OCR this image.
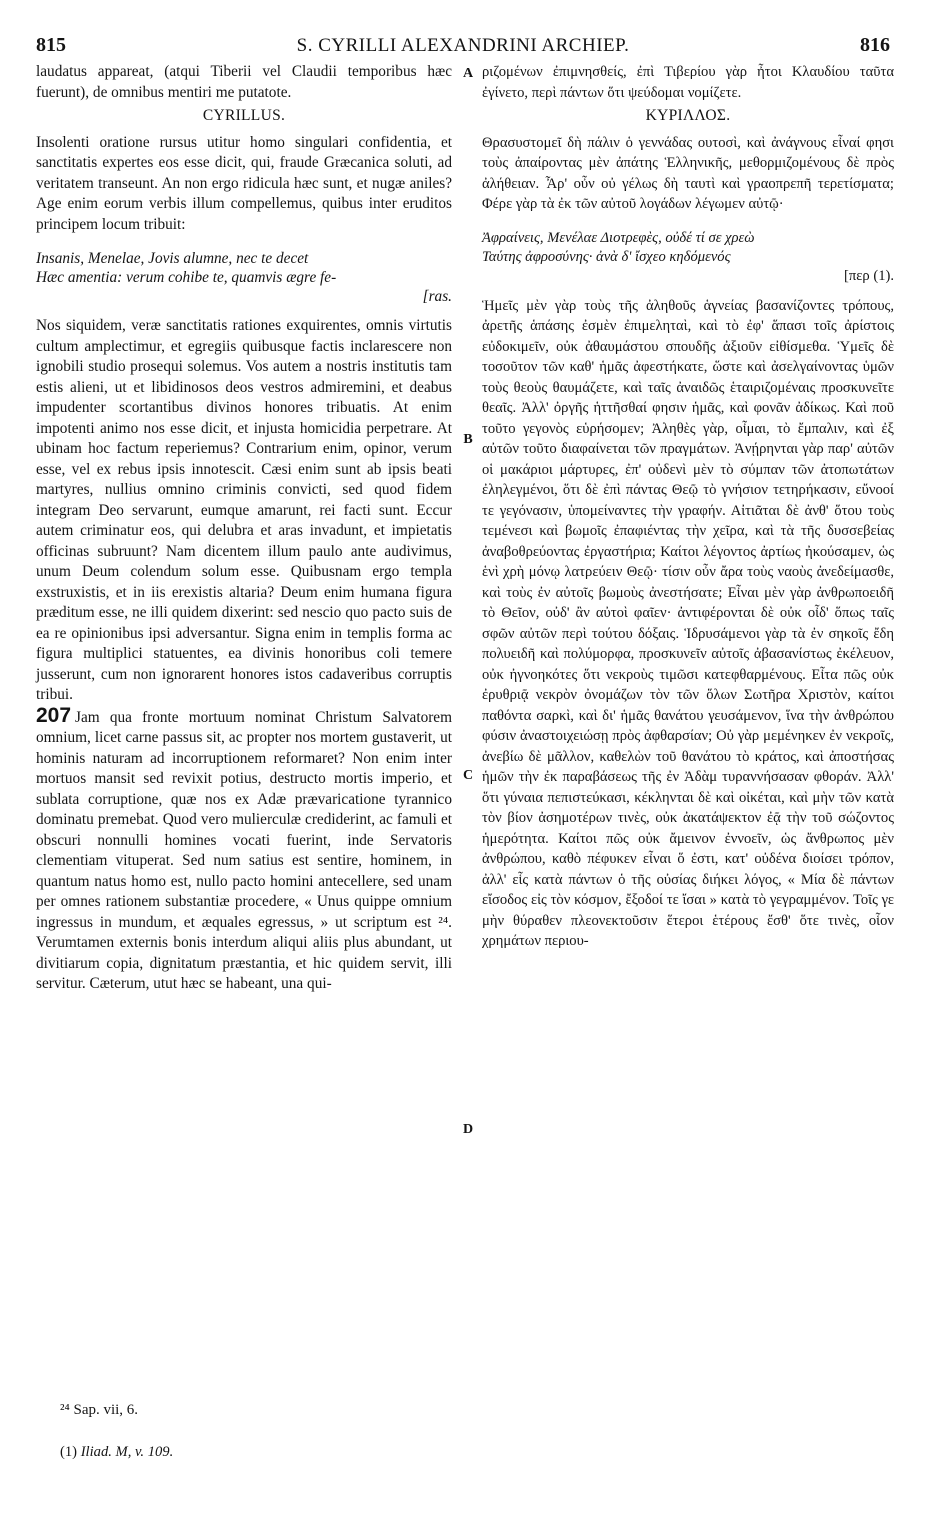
815	S. CYRILLI ALEXANDRINI ARCHIEP.	816

laudatus appareat, (atqui Tiberii vel Claudii temporibus hæc fuerunt), de omnibus mentiri me putatote.

CYRILLUS.

Insolenti oratione rursus utitur homo singulari confidentia, et sanctitatis expertes eos esse dicit, qui, fraude Græcanica soluti, ad veritatem transeunt. An non ergo ridicula hæc sunt, et nugæ aniles? Age enim eorum verbis illum compellemus, quibus inter eruditos principem locum tribuit:

Insanis, Menelae, Jovis alumne, nec te decet
Hæc amentia: verum cohibe te, quamvis ægre fe-
[ras.

Nos siquidem, veræ sanctitatis rationes exquirentes, omnis virtutis cultum amplectimur, et egregiis quibusque factis inclarescere non ignobili studio prosequi solemus. Vos autem a nostris institutis tam estis alieni, ut et libidinosos deos vestros admiremini, et deabus impudenter scortantibus divinos honores tribuatis. At enim impotenti animo nos esse dicit, et injusta homicidia perpetrare. At ubinam hoc factum reperiemus? Contrarium enim, opinor, verum esse, vel ex rebus ipsis innotescit. Cæsi enim sunt ab ipsis beati martyres, nullius omnino criminis convicti, sed quod fidem integram Deo servarunt, eumque amarunt, rei facti sunt. Eccur autem criminatur eos, qui delubra et aras invadunt, et impietatis officinas subruunt? Nam dicentem illum paulo ante audivimus, unum Deum colendum solum esse. Quibusnam ergo templa exstruxistis, et in iis erexistis altaria? Deum enim humana figura præditum esse, ne illi quidem dixerint: sed nescio quo pacto suis de ea re opinionibus ipsi adversantur. Signa enim in templis forma ac figura multiplici statuentes, ea divinis honoribus coli temere jusserunt, cum non ignorarent honores istos cadaveribus corruptis tribui.

207 Jam qua fronte mortuum nominat Christum Salvatorem omnium, licet carne passus sit, ac propter nos mortem gustaverit, ut hominis naturam ad incorruptionem reformaret? Non enim inter mortuos mansit sed revixit potius, destructo mortis imperio, et sublata corruptione, quæ nos ex Adæ prævaricatione tyrannico dominatu premebat. Quod vero mulierculæ crediderint, ac famuli et obscuri nonnulli homines vocati fuerint, inde Servatoris clementiam vituperat. Sed num satius est sentire, hominem, in quantum natus homo est, nullo pacto homini antecellere, sed unam per omnes rationem substantiæ procedere, « Unus quippe omnium ingressus in mundum, et æquales egressus, » ut scriptum est ²⁴. Verumtamen externis bonis interdum aliqui aliis plus abundant, ut divitiarum copia, dignitatum præstantia, et hic quidem servit, illi servitur. Cæterum, utut hæc se habeant, una qui-

A
B
C
D

ριζομένων ἐπιμνησθείς, ἐπὶ Τιβερίου γὰρ ἦτοι Κλαυδίου ταῦτα ἐγίνετο, περὶ πάντων ὅτι ψεύδομαι νομίζετε.

ΚΥΡΙΛΛΟΣ.

Θρασυστομεῖ δὴ πάλιν ὁ γεννάδας ουτοσὶ, καὶ ἀνάγνους εἶναί φησι τοὺς ἀπαίροντας μὲν ἀπάτης Ἑλληνικῆς, μεθορμιζομένους δὲ πρὸς ἀλήθειαν. Ἆρ' οὖν οὐ γέλως δὴ ταυτὶ καὶ γραοπρεπῆ τερετίσματα; Φέρε γὰρ τὰ ἐκ τῶν αὐτοῦ λογάδων λέγωμεν αὐτῷ·

Ἀφραίνεις, Μενέλαε Διοτρεφὲς, οὐδέ τί σε χρεὼ
Ταύτης ἀφροσύνης· ἀνὰ δ' ἴσχεο κηδόμενός
[περ (1).

Ἡμεῖς μὲν γὰρ τοὺς τῆς ἀληθοῦς ἁγνείας βασανίζοντες τρόπους, ἀρετῆς ἁπάσης ἐσμὲν ἐπιμεληταὶ, καὶ τὸ ἐφ' ἅπασι τοῖς ἀρίστοις εὐδοκιμεῖν, οὐκ ἀθαυμάστου σπουδῆς ἀξιοῦν εἰθίσμεθα. Ὑμεῖς δὲ τοσοῦτον τῶν καθ' ἡμᾶς ἀφεστήκατε, ὥστε καὶ ἀσελγαίνοντας ὑμῶν τοὺς θεοὺς θαυμάζετε, καὶ ταῖς ἀναιδῶς ἑταιριζομέναις προσκυνεῖτε θεαῖς. Ἀλλ' ὀργῆς ἡττῆσθαί φησιν ἡμᾶς, καὶ φονᾶν ἀδίκως. Καὶ ποῦ τοῦτο γεγονὸς εὑρήσομεν; Ἀληθὲς γὰρ, οἶμαι, τὸ ἔμπαλιν, καὶ ἐξ αὐτῶν τοῦτο διαφαίνεται τῶν πραγμάτων. Ἀνῄρηνται γὰρ παρ' αὐτῶν οἱ μακάριοι μάρτυρες, ἐπ' οὐδενὶ μὲν τὸ σύμπαν τῶν ἀτοπωτάτων ἐληλεγμένοι, ὅτι δὲ ἐπὶ πάντας Θεῷ τὸ γνήσιον τετηρήκασιν, εὔνοοί τε γεγόνασιν, ὑπομείναντες τὴν γραφήν. Αἰτιᾶται δὲ ἀνθ' ὅτου τοὺς τεμένεσι καὶ βωμοῖς ἐπαφιέντας τὴν χεῖρα, καὶ τὰ τῆς δυσσεβείας ἀναβοθρεύοντας ἐργαστήρια; Καίτοι λέγοντος ἀρτίως ἠκούσαμεν, ὡς ἑνὶ χρὴ μόνῳ λατρεύειν Θεῷ· τίσιν οὖν ἄρα τοὺς ναοὺς ἀνεδείμασθε, καὶ τοὺς ἐν αὐτοῖς βωμοὺς ἀνεστήσατε; Εἶναι μὲν γὰρ ἀνθρωποειδῆ τὸ Θεῖον, οὐδ' ἂν αὐτοὶ φαῖεν· ἀντιφέρονται δὲ οὐκ οἶδ' ὅπως ταῖς σφῶν αὐτῶν περὶ τούτου δόξαις. Ἱδρυσάμενοι γὰρ τὰ ἐν σηκοῖς ἔδη πολυειδῆ καὶ πολύμορφα, προσκυνεῖν αὐτοῖς ἀβασανίστως ἐκέλευον, οὐκ ἠγνοηκότες ὅτι νεκροὺς τιμῶσι κατεφθαρμένους. Εἶτα πῶς οὐκ ἐρυθριᾷ νεκρὸν ὀνομάζων τὸν τῶν ὅλων Σωτῆρα Χριστὸν, καίτοι παθόντα σαρκὶ, καὶ δι' ἡμᾶς θανάτου γευσάμενον, ἵνα τὴν ἀνθρώπου φύσιν ἀναστοιχειώσῃ πρὸς ἀφθαρσίαν; Οὐ γὰρ μεμένηκεν ἐν νεκροῖς, ἀνεβίω δὲ μᾶλλον, καθελὼν τοῦ θανάτου τὸ κράτος, καὶ ἀποστήσας ἡμῶν τὴν ἐκ παραβάσεως τῆς ἐν Ἀδὰμ τυραννήσασαν φθοράν. Ἀλλ' ὅτι γύναια πεπιστεύκασι, κέκληνται δὲ καὶ οἰκέται, καὶ μὴν τῶν κατὰ τὸν βίον ἀσημοτέρων τινὲς, οὐκ ἀκατάψεκτον ἐᾷ τὴν τοῦ σώζοντος ἡμερότητα. Καίτοι πῶς οὐκ ἄμεινον ἐννοεῖν, ὡς ἄνθρωπος μὲν ἀνθρώπου, καθὸ πέφυκεν εἶναι ὅ ἐστι, κατ' οὐδένα διοίσει τρόπον, ἀλλ' εἷς κατὰ πάντων ὁ τῆς οὐσίας διήκει λόγος, « Μία δὲ πάντων εἴσοδος εἰς τὸν κόσμον, ἔξοδοί τε ἴσαι » κατὰ τὸ γεγραμμένον. Τοῖς γε μὴν θύραθεν πλεονεκτοῦσιν ἕτεροι ἑτέρους ἔσθ' ὅτε τινὲς, οἷον χρημάτων περιου-

²⁴ Sap. vii, 6.

(1) Iliad. M, v. 109.
